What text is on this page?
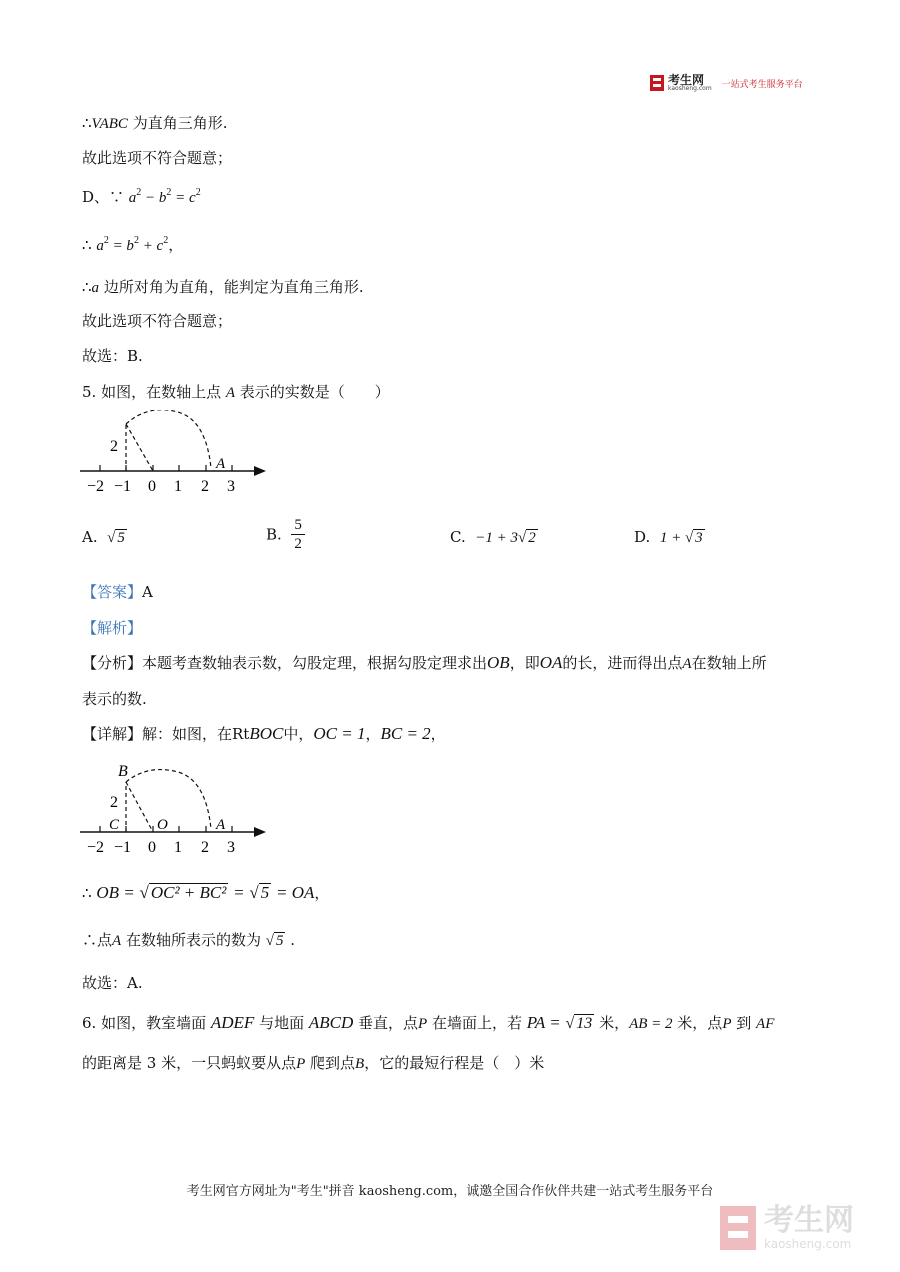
考生网
kaosheng.com 一站式考生服务平台
∴VABC 为直角三角形.
故此选项不符合题意；
D、∵ $a^2 - b^2 = c^2$
∴ $a^2 = b^2 + c^2$，
∴a 边所对角为直角，能判定为直角三角形.
故此选项不符合题意；
故选：B.
5. 如图，在数轴上点 A 表示的实数是（　　）
2
A
−2 −1 0 1 2 3
A. √ 5	B. $\frac{5}{2}$	C. −1 + 3√ 2	D. 1 + √ 3
【答案】A
【解析】
【分析】本题考查数轴表示数，勾股定理，根据勾股定理求出OB，即OA的长，进而得出点A在数轴上所
表示的数.
【详解】解：如图，在RtBOC中，OC = 1，BC = 2，
B
2
C	O	A
−2 −1 0 1 2 3
∴ OB = √ OC² + BC² = √ 5 = OA，
∴点A 在数轴所表示的数为 √ 5 .
故选：A.
6. 如图，教室墙面 ADEF 与地面 ABCD 垂直，点P 在墙面上，若 PA = √ 13 米，AB = 2 米，点P 到 AF
的距离是 3 米，一只蚂蚁要从点P 爬到点B，它的最短行程是（　）米
考生网官方网址为"考生"拼音 kaosheng.com，诚邀全国合作伙伴共建一站式考生服务平台
考生网
kaosheng.com
